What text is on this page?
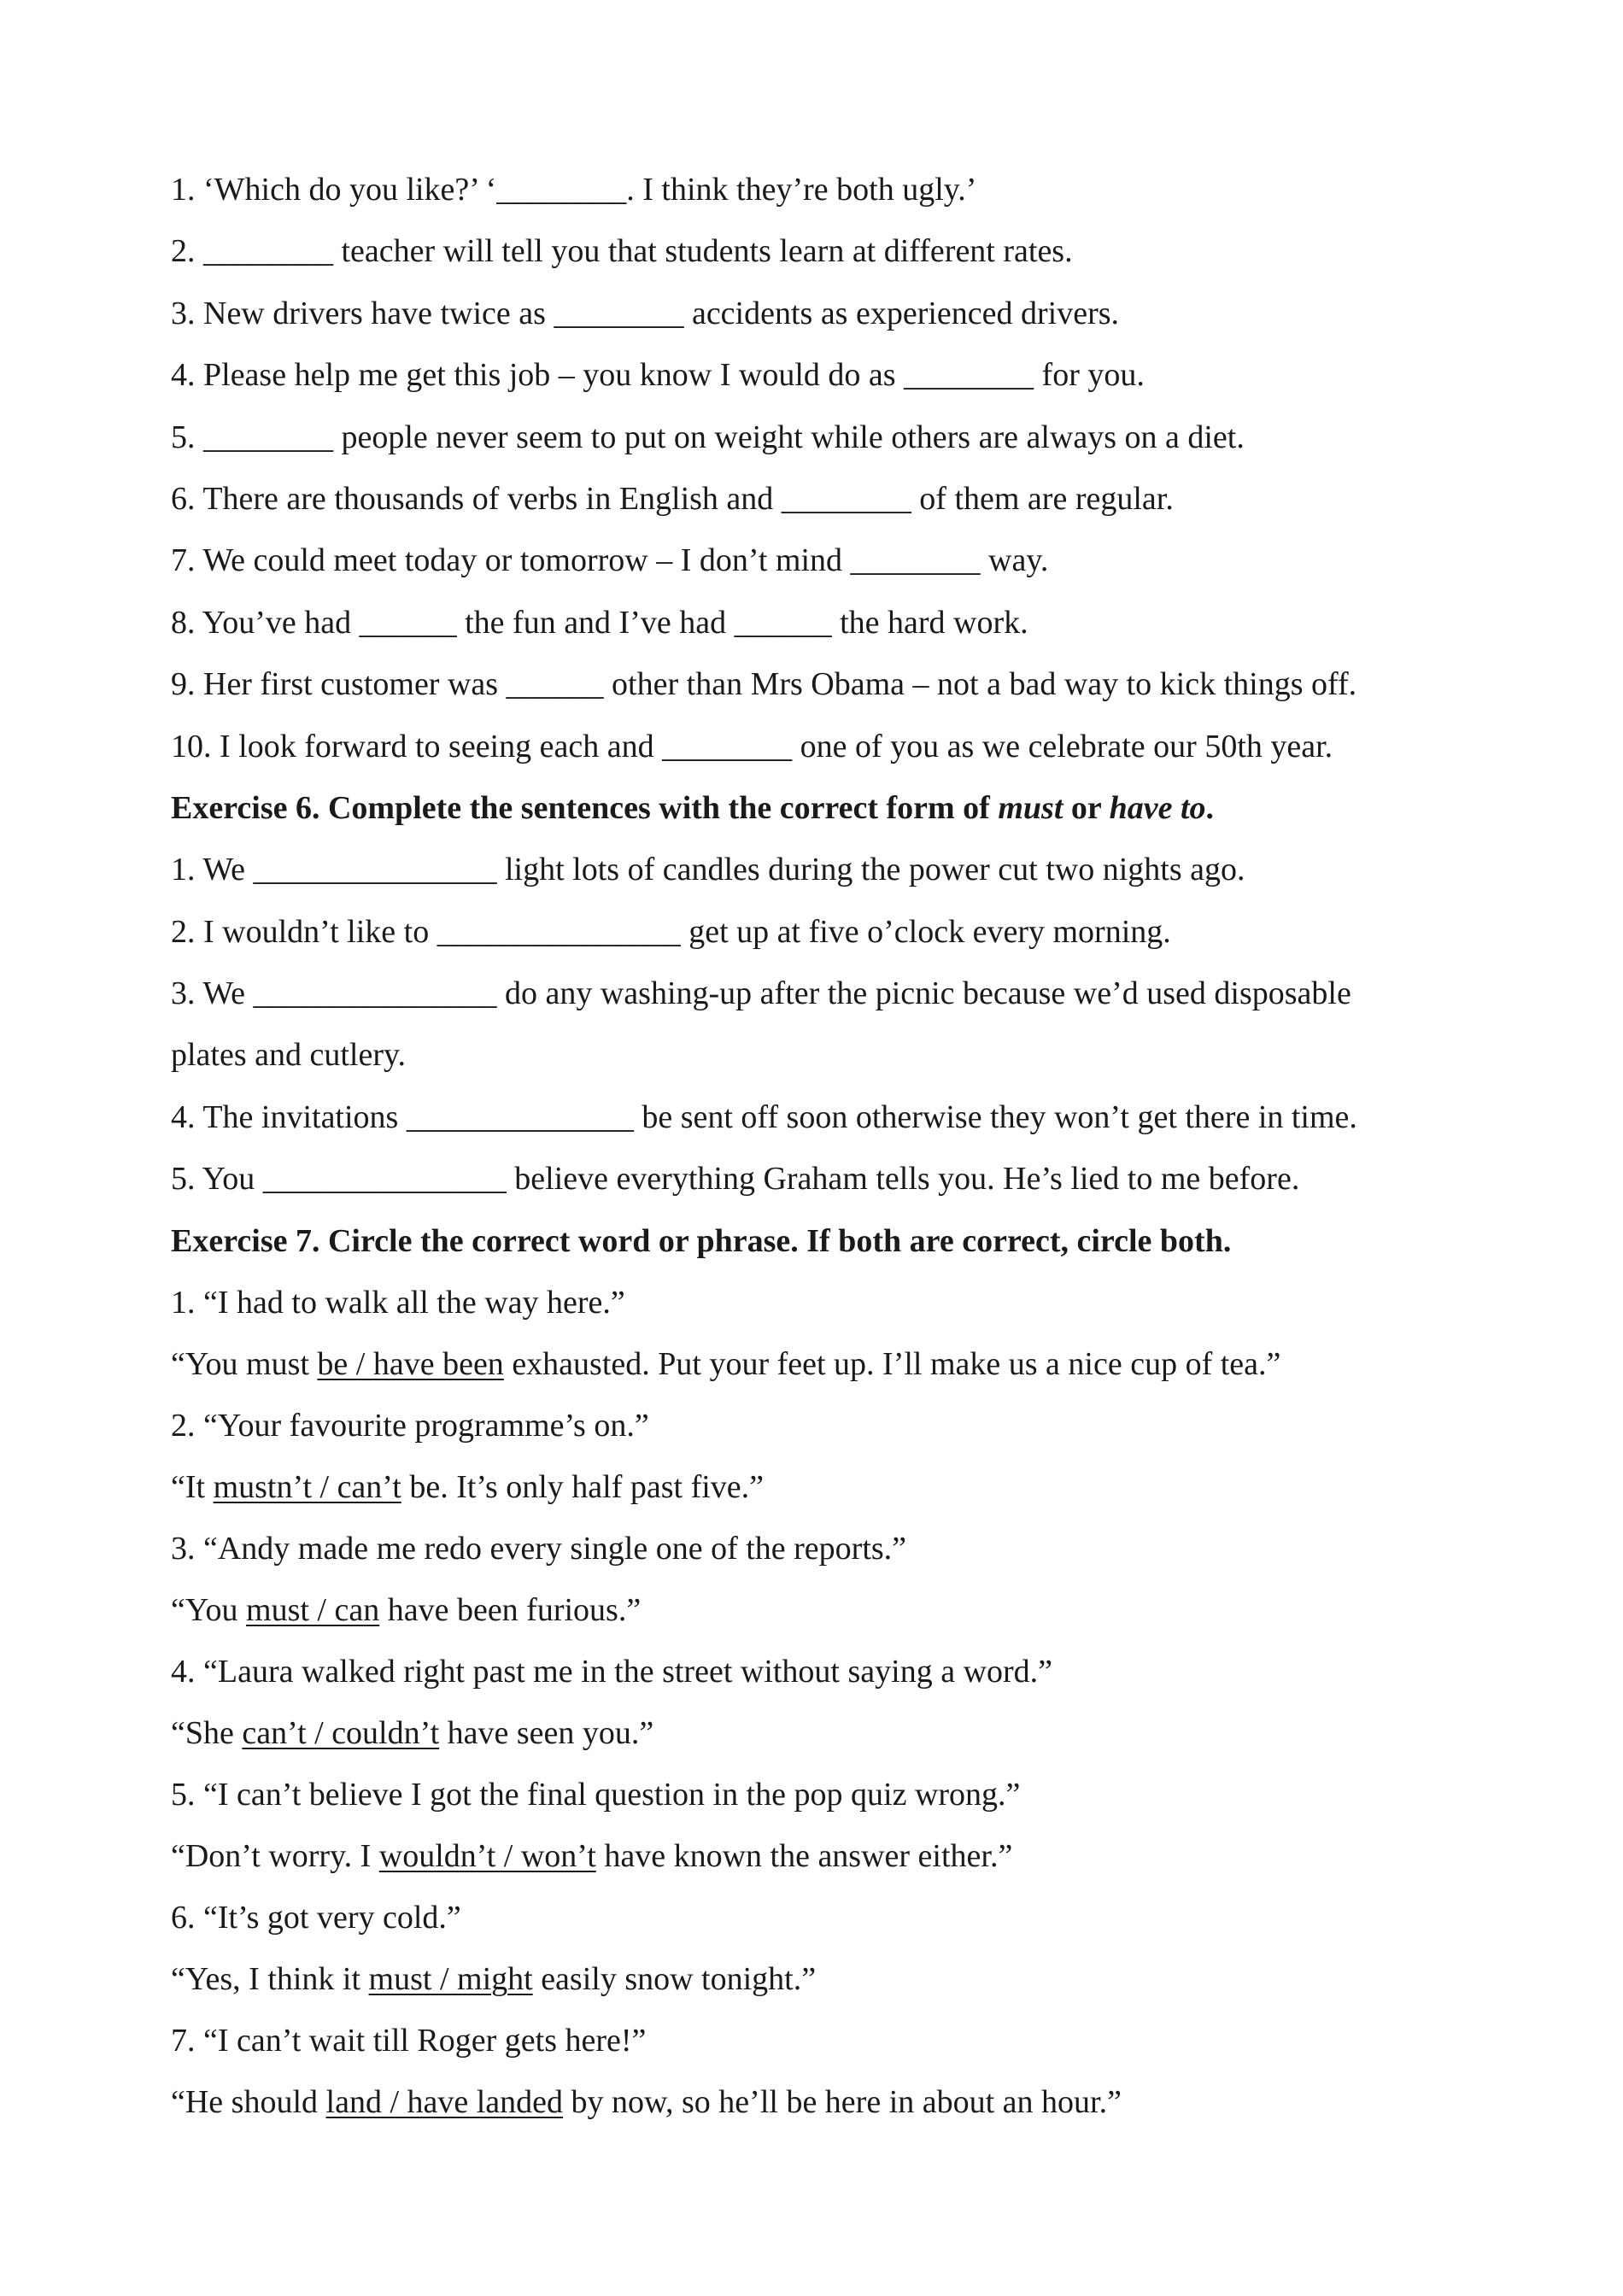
1. ‘Which do you like?’ ‘________. I think they’re both ugly.’
2. ________ teacher will tell you that students learn at different rates.
3. New drivers have twice as ________ accidents as experienced drivers.
4. Please help me get this job – you know I would do as ________ for you.
5. ________ people never seem to put on weight while others are always on a diet.
6. There are thousands of verbs in English and ________ of them are regular.
7. We could meet today or tomorrow – I don’t mind ________ way.
8. You’ve had ______ the fun and I’ve had ______ the hard work.
9. Her first customer was ______ other than Mrs Obama – not a bad way to kick things off.
10. I look forward to seeing each and ________ one of you as we celebrate our 50th year.
Exercise 6. Complete the sentences with the correct form of must or have to.
1. We _______________ light lots of candles during the power cut two nights ago.
2. I wouldn’t like to _______________ get up at five o’clock every morning.
3. We _______________ do any washing-up after the picnic because we’d used disposable
plates and cutlery.
4. The invitations ______________ be sent off soon otherwise they won’t get there in time.
5. You _______________ believe everything Graham tells you. He’s lied to me before.
Exercise 7. Circle the correct word or phrase. If both are correct, circle both.
1. “I had to walk all the way here.”
“You must be / have been exhausted. Put your feet up. I’ll make us a nice cup of tea.”
2. “Your favourite programme’s on.”
“It mustn’t / can’t be. It’s only half past five.”
3. “Andy made me redo every single one of the reports.”
“You must / can have been furious.”
4. “Laura walked right past me in the street without saying a word.”
“She can’t / couldn’t have seen you.”
5. “I can’t believe I got the final question in the pop quiz wrong.”
“Don’t worry. I wouldn’t / won’t have known the answer either.”
6. “It’s got very cold.”
“Yes, I think it must / might easily snow tonight.”
7. “I can’t wait till Roger gets here!”
“He should land / have landed by now, so he’ll be here in about an hour.”
